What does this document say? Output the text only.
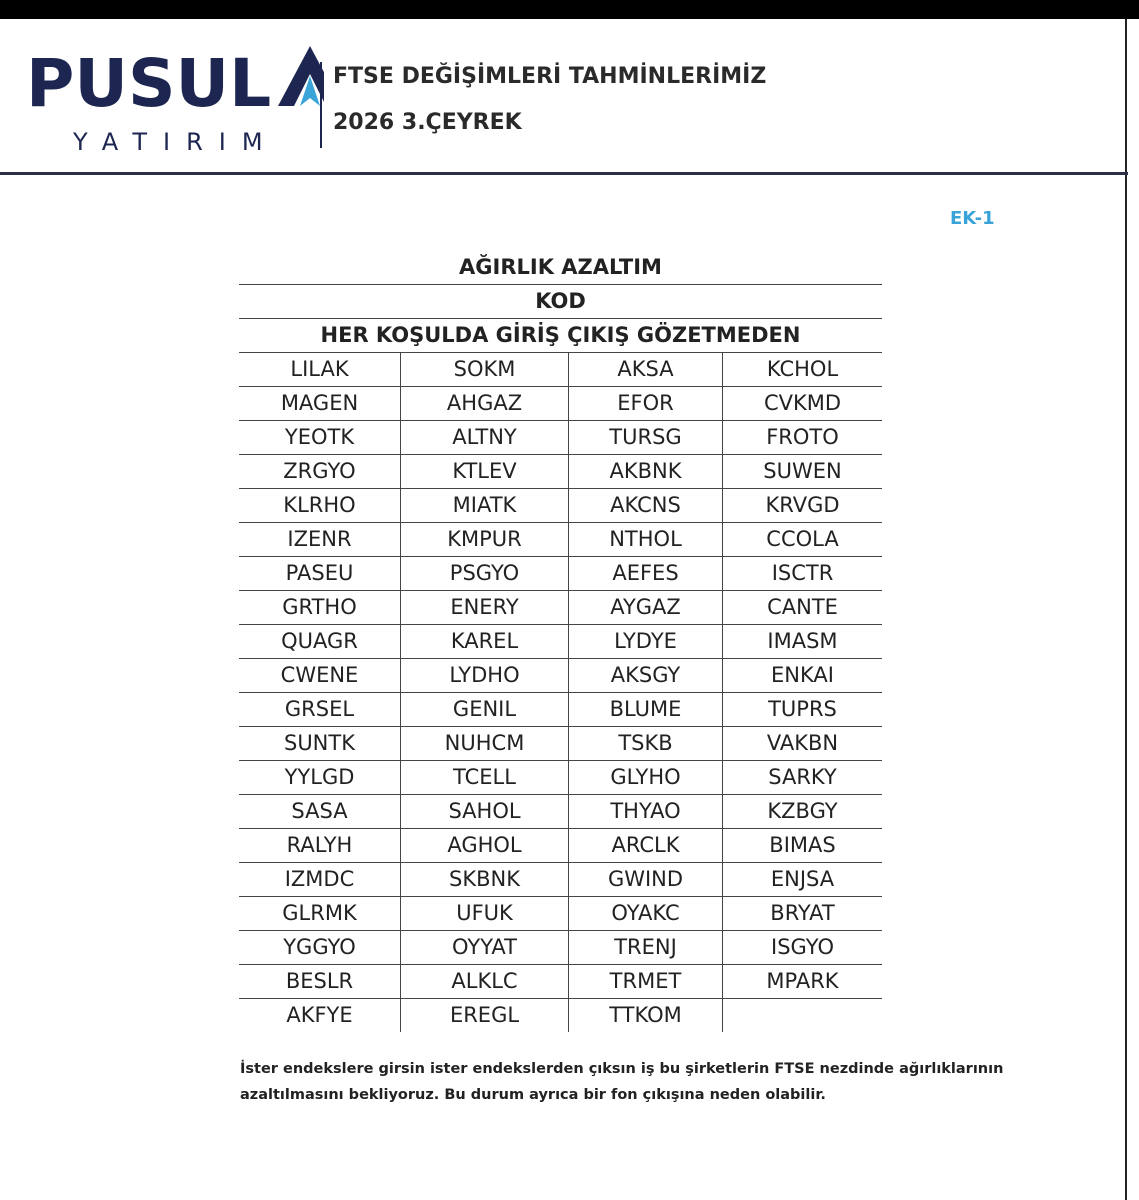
PUSUL
YATIRIM
FTSE DEĞİŞİMLERİ TAHMİNLERİMİZ
2026 3.ÇEYREK
EK-1
AĞIRLIK AZALTIM
KOD
HER KOŞULDA GİRİŞ ÇIKIŞ GÖZETMEDEN
LILAK	SOKM	AKSA	KCHOL
MAGEN	AHGAZ	EFOR	CVKMD
YEOTK	ALTNY	TURSG	FROTO
ZRGYO	KTLEV	AKBNK	SUWEN
KLRHO	MIATK	AKCNS	KRVGD
IZENR	KMPUR	NTHOL	CCOLA
PASEU	PSGYO	AEFES	ISCTR
GRTHO	ENERY	AYGAZ	CANTE
QUAGR	KAREL	LYDYE	IMASM
CWENE	LYDHO	AKSGY	ENKAI
GRSEL	GENIL	BLUME	TUPRS
SUNTK	NUHCM	TSKB	VAKBN
YYLGD	TCELL	GLYHO	SARKY
SASA	SAHOL	THYAO	KZBGY
RALYH	AGHOL	ARCLK	BIMAS
IZMDC	SKBNK	GWIND	ENJSA
GLRMK	UFUK	OYAKC	BRYAT
YGGYO	OYYAT	TRENJ	ISGYO
BESLR	ALKLC	TRMET	MPARK
AKFYE	EREGL	TTKOM
İster endekslere girsin ister endekslerden çıksın iş bu şirketlerin FTSE nezdinde ağırlıklarının azaltılmasını bekliyoruz. Bu durum ayrıca bir fon çıkışına neden olabilir.
